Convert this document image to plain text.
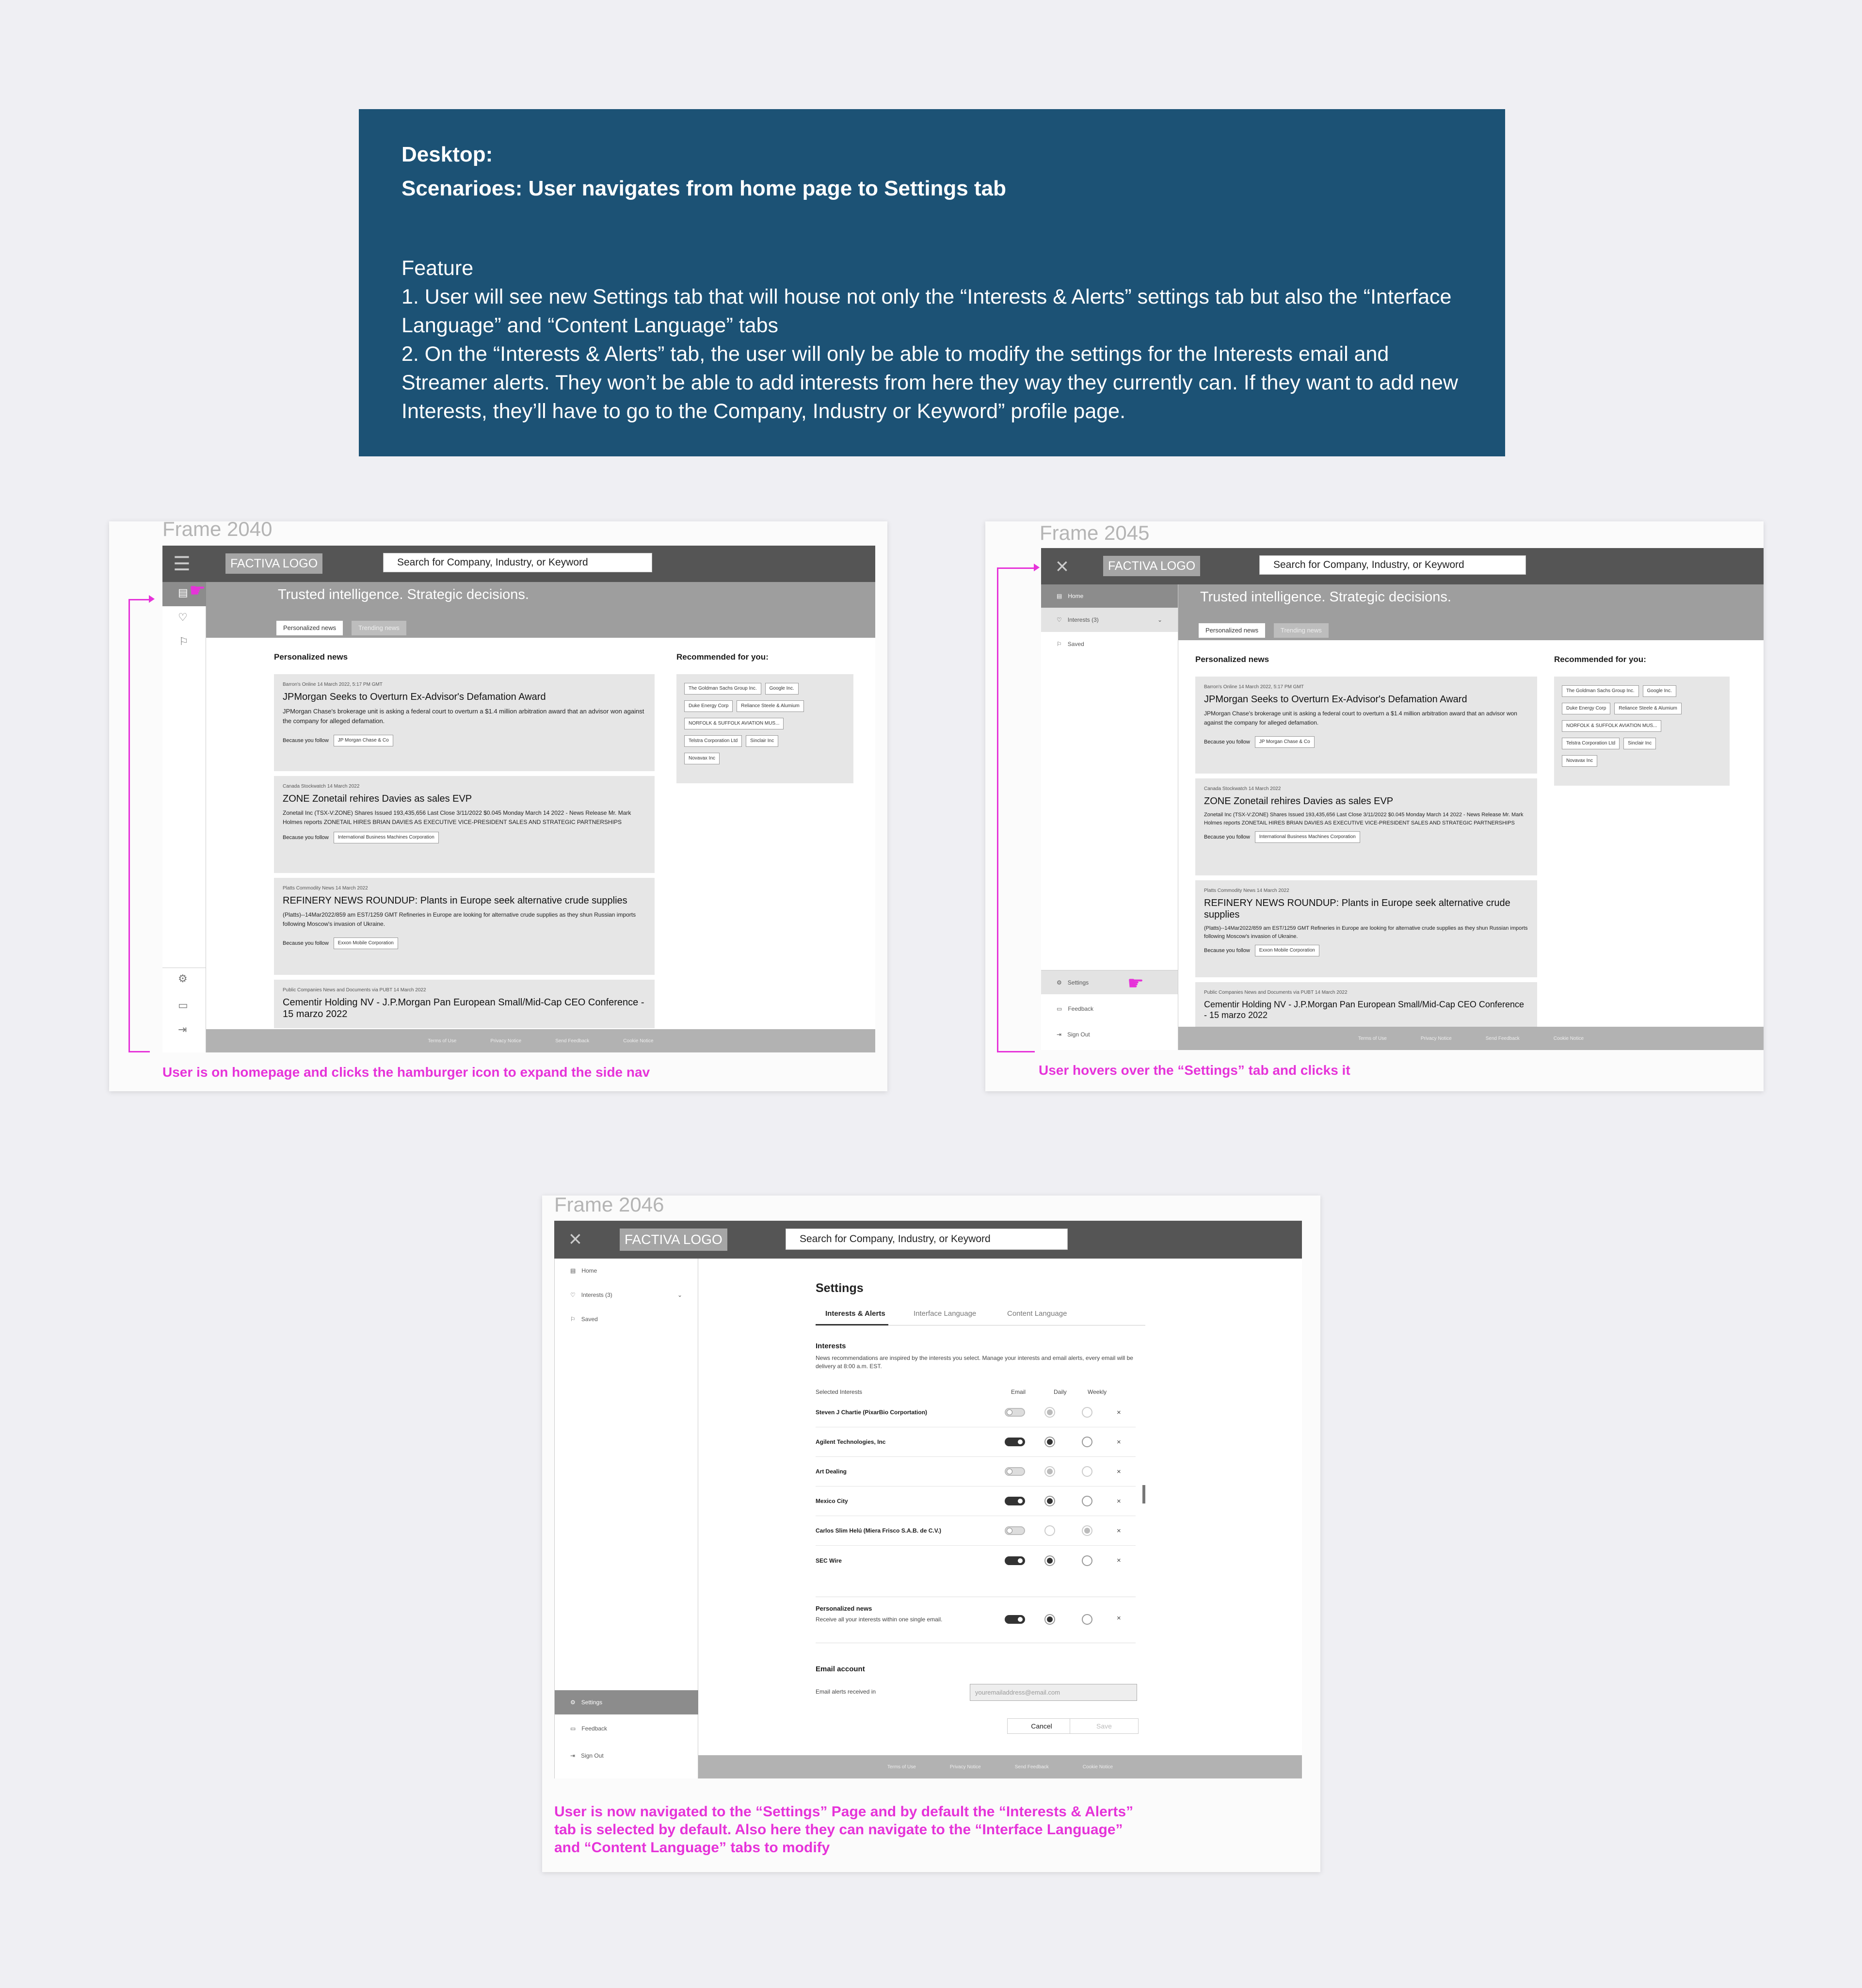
Desktop:
Scenarioes: User navigates from home page to Settings tab
Feature
1. User will see new Settings tab that will house not only the “Interests & Alerts” settings tab but also the “Interface Language” and “Content Language” tabs
2. On the “Interests & Alerts” tab, the user will only be able to modify the settings for the Interests email and Streamer alerts. They won’t be able to add interests from here they way they currently can. If they want to add new Interests, they’ll have to go to the Company, Industry or Keyword” profile page.
Frame 2040
User is on homepage and clicks the hamburger icon to expand the side nav
☰	FACTIVA LOGO	Search for Company, Industry, or Keyword
▤ ☛
♡
⚐
⚙
▭
⇥
Trusted intelligence. Strategic decisions.
Personalized news	Trending news
Personalized news	Recommended for you:
Barron's Online 14 March 2022, 5:17 PM GMT
JPMorgan Seeks to Overturn Ex-Advisor's Defamation Award
JPMorgan Chase's brokerage unit is asking a federal court to overturn a $1.4 million arbitration award that an advisor won against the company for alleged defamation.
Because you follow	JP Morgan Chase & Co
Canada Stockwatch 14 March 2022
ZONE Zonetail rehires Davies as sales EVP
Zonetail Inc (TSX-V:ZONE) Shares Issued 193,435,656 Last Close 3/11/2022 $0.045 Monday March 14 2022 - News Release Mr. Mark Holmes reports ZONETAIL HIRES BRIAN DAVIES AS EXECUTIVE VICE-PRESIDENT SALES AND STRATEGIC PARTNERSHIPS
Because you follow	International Business Machines Corporation
Platts Commodity News 14 March 2022
REFINERY NEWS ROUNDUP: Plants in Europe seek alternative crude supplies
(Platts)--14Mar2022/859 am EST/1259 GMT Refineries in Europe are looking for alternative crude supplies as they shun Russian imports following Moscow's invasion of Ukraine.
Because you follow	Exxon Mobile Corporation
Public Companies News and Documents via PUBT 14 March 2022
Cementir Holding NV - J.P.Morgan Pan European Small/Mid-Cap CEO Conference - 15 marzo 2022
The Goldman Sachs Group Inc.	Google Inc.
Duke Energy Corp	Reliance Steele & Alumium
NORFOLK & SUFFOLK AVIATION MUS...
Telstra Corporation Ltd	Sinclair Inc
Novavax Inc
Terms of Use	Privacy Notice	Send Feedback	Cookie Notice
Frame 2045
User hovers over the “Settings” tab and clicks it
×	FACTIVA LOGO	Search for Company, Industry, or Keyword
▤ Home
♡ Interests (3)	⌄
⚐ Saved
⚙ Settings ☛
▭ Feedback
⇥ Sign Out
Trusted intelligence. Strategic decisions.
Personalized news	Trending news
Personalized news	Recommended for you:
Barron's Online 14 March 2022, 5:17 PM GMT
JPMorgan Seeks to Overturn Ex-Advisor's Defamation Award
JPMorgan Chase's brokerage unit is asking a federal court to overturn a $1.4 million arbitration award that an advisor won against the company for alleged defamation.
Because you follow	JP Morgan Chase & Co
Canada Stockwatch 14 March 2022
ZONE Zonetail rehires Davies as sales EVP
Zonetail Inc (TSX-V:ZONE) Shares Issued 193,435,656 Last Close 3/11/2022 $0.045 Monday March 14 2022 - News Release Mr. Mark Holmes reports ZONETAIL HIRES BRIAN DAVIES AS EXECUTIVE VICE-PRESIDENT SALES AND STRATEGIC PARTNERSHIPS
Because you follow	International Business Machines Corporation
Platts Commodity News 14 March 2022
REFINERY NEWS ROUNDUP: Plants in Europe seek alternative crude supplies
(Platts)--14Mar2022/859 am EST/1259 GMT Refineries in Europe are looking for alternative crude supplies as they shun Russian imports following Moscow's invasion of Ukraine.
Because you follow	Exxon Mobile Corporation
Public Companies News and Documents via PUBT 14 March 2022
Cementir Holding NV - J.P.Morgan Pan European Small/Mid-Cap CEO Conference - 15 marzo 2022
The Goldman Sachs Group Inc.	Google Inc.
Duke Energy Corp	Reliance Steele & Alumium
NORFOLK & SUFFOLK AVIATION MUS...
Telstra Corporation Ltd	Sinclair Inc
Novavax Inc
Terms of Use	Privacy Notice	Send Feedback	Cookie Notice
Frame 2046
User is now navigated to the “Settings” Page and by default the “Interests & Alerts”
tab is selected by default. Also here they can navigate to the “Interface Language”
and “Content Language” tabs to modify
×	FACTIVA LOGO	Search for Company, Industry, or Keyword
▤ Home
♡ Interests (3)	⌄
⚐ Saved
⚙ Settings
▭ Feedback
⇥ Sign Out
Settings
Interests & Alerts	Interface Language	Content Language
Interests
News recommendations are inspired by the interests you select. Manage your interests and email alerts, every email will be delivery at 8:00 a.m. EST.
Selected Interests	Email	Daily	Weekly
Steven J Chartie (PixarBio Corportation)	×
Agilent Technologies, Inc	×
Art Dealing	×
Mexico City	×
Carlos Slim Helú (Miera Frisco S.A.B. de C.V.)	×
SEC Wire	×
Personalized news
Receive all your interests within one single email.	×
Email account
Email alerts received in	youremailaddress@email.com
Cancel	Save
Terms of Use	Privacy Notice	Send Feedback	Cookie Notice
